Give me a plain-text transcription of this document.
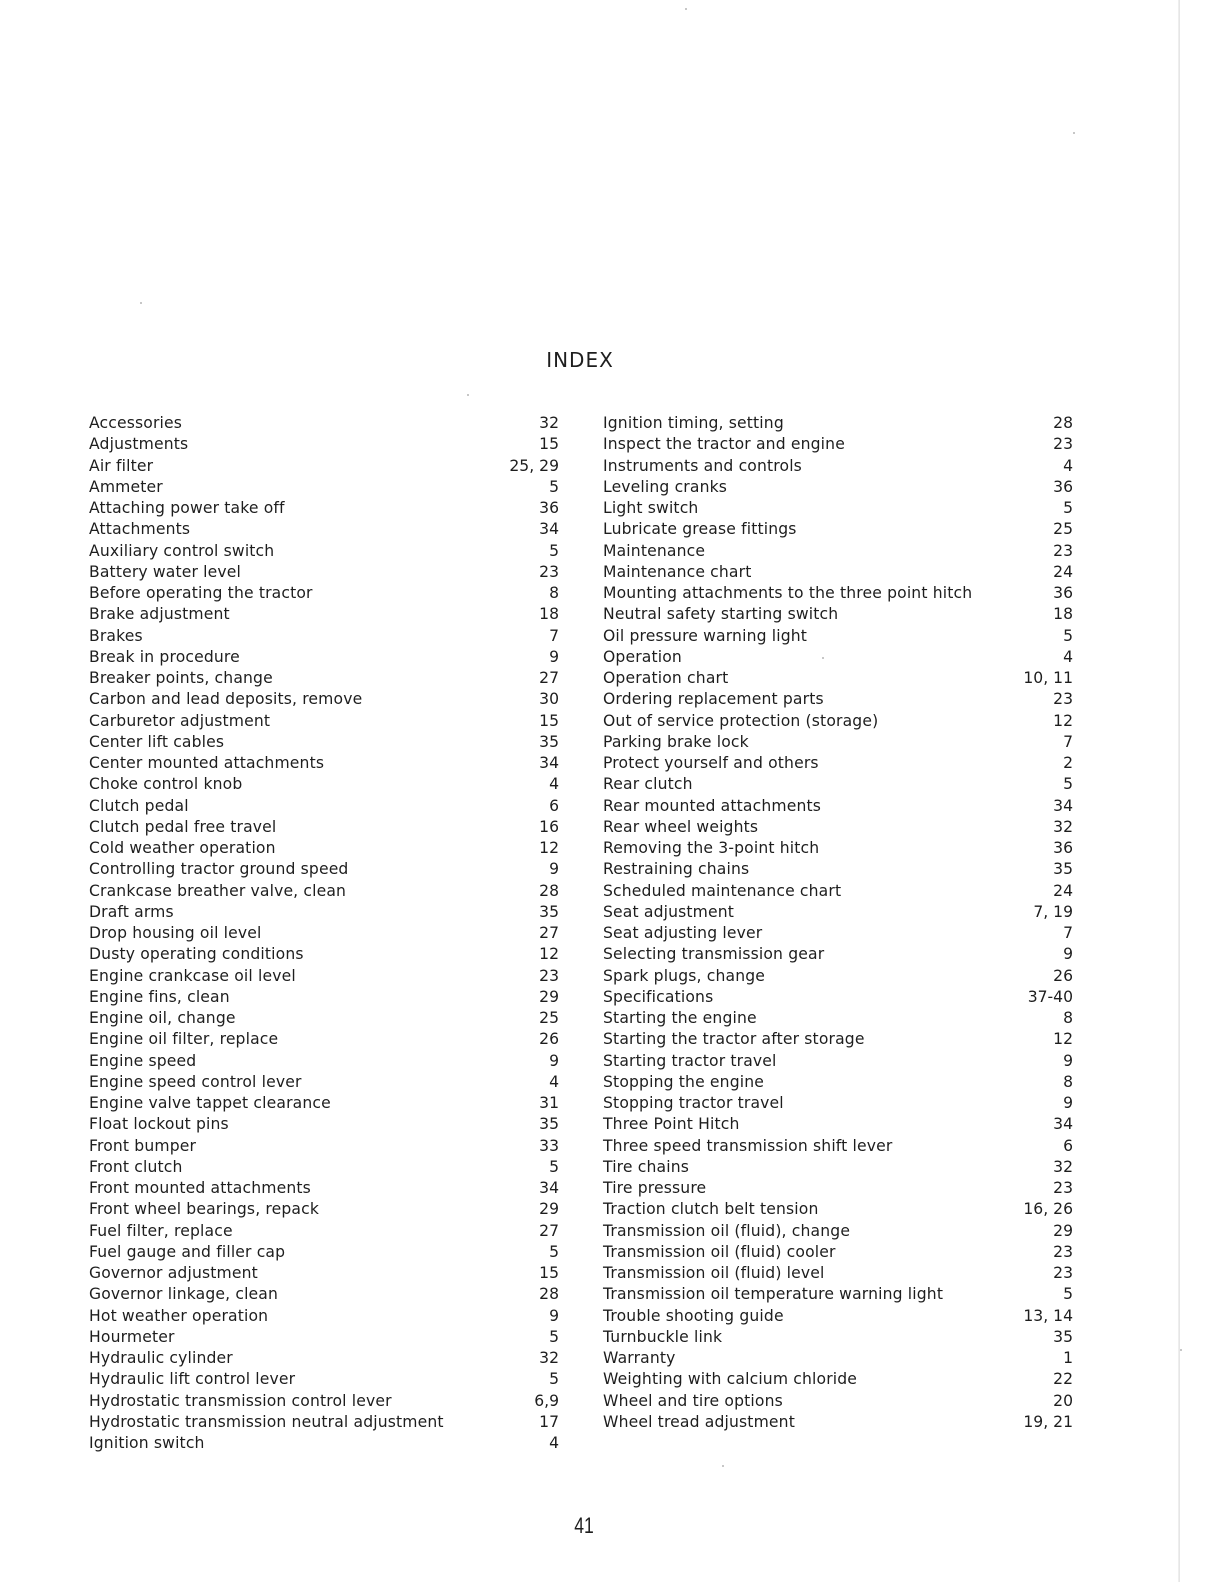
INDEX
Accessories	32
Adjustments	15
Air filter	25, 29
Ammeter	5
Attaching power take off	36
Attachments	34
Auxiliary control switch	5
Battery water level	23
Before operating the tractor	8
Brake adjustment	18
Brakes	7
Break in procedure	9
Breaker points, change	27
Carbon and lead deposits, remove	30
Carburetor adjustment	15
Center lift cables	35
Center mounted attachments	34
Choke control knob	4
Clutch pedal	6
Clutch pedal free travel	16
Cold weather operation	12
Controlling tractor ground speed	9
Crankcase breather valve, clean	28
Draft arms	35
Drop housing oil level	27
Dusty operating conditions	12
Engine crankcase oil level	23
Engine fins, clean	29
Engine oil, change	25
Engine oil filter, replace	26
Engine speed	9
Engine speed control lever	4
Engine valve tappet clearance	31
Float lockout pins	35
Front bumper	33
Front clutch	5
Front mounted attachments	34
Front wheel bearings, repack	29
Fuel filter, replace	27
Fuel gauge and filler cap	5
Governor adjustment	15
Governor linkage, clean	28
Hot weather operation	9
Hourmeter	5
Hydraulic cylinder	32
Hydraulic lift control lever	5
Hydrostatic transmission control lever	6,9
Hydrostatic transmission neutral adjustment	17
Ignition switch	4
Ignition timing, setting	28
Inspect the tractor and engine	23
Instruments and controls	4
Leveling cranks	36
Light switch	5
Lubricate grease fittings	25
Maintenance	23
Maintenance chart	24
Mounting attachments to the three point hitch	36
Neutral safety starting switch	18
Oil pressure warning light	5
Operation	4
Operation chart	10, 11
Ordering replacement parts	23
Out of service protection (storage)	12
Parking brake lock	7
Protect yourself and others	2
Rear clutch	5
Rear mounted attachments	34
Rear wheel weights	32
Removing the 3-point hitch	36
Restraining chains	35
Scheduled maintenance chart	24
Seat adjustment	7, 19
Seat adjusting lever	7
Selecting transmission gear	9
Spark plugs, change	26
Specifications	37-40
Starting the engine	8
Starting the tractor after storage	12
Starting tractor travel	9
Stopping the engine	8
Stopping tractor travel	9
Three Point Hitch	34
Three speed transmission shift lever	6
Tire chains	32
Tire pressure	23
Traction clutch belt tension	16, 26
Transmission oil (fluid), change	29
Transmission oil (fluid) cooler	23
Transmission oil (fluid) level	23
Transmission oil temperature warning light	5
Trouble shooting guide	13, 14
Turnbuckle link	35
Warranty	1
Weighting with calcium chloride	22
Wheel and tire options	20
Wheel tread adjustment	19, 21
41
